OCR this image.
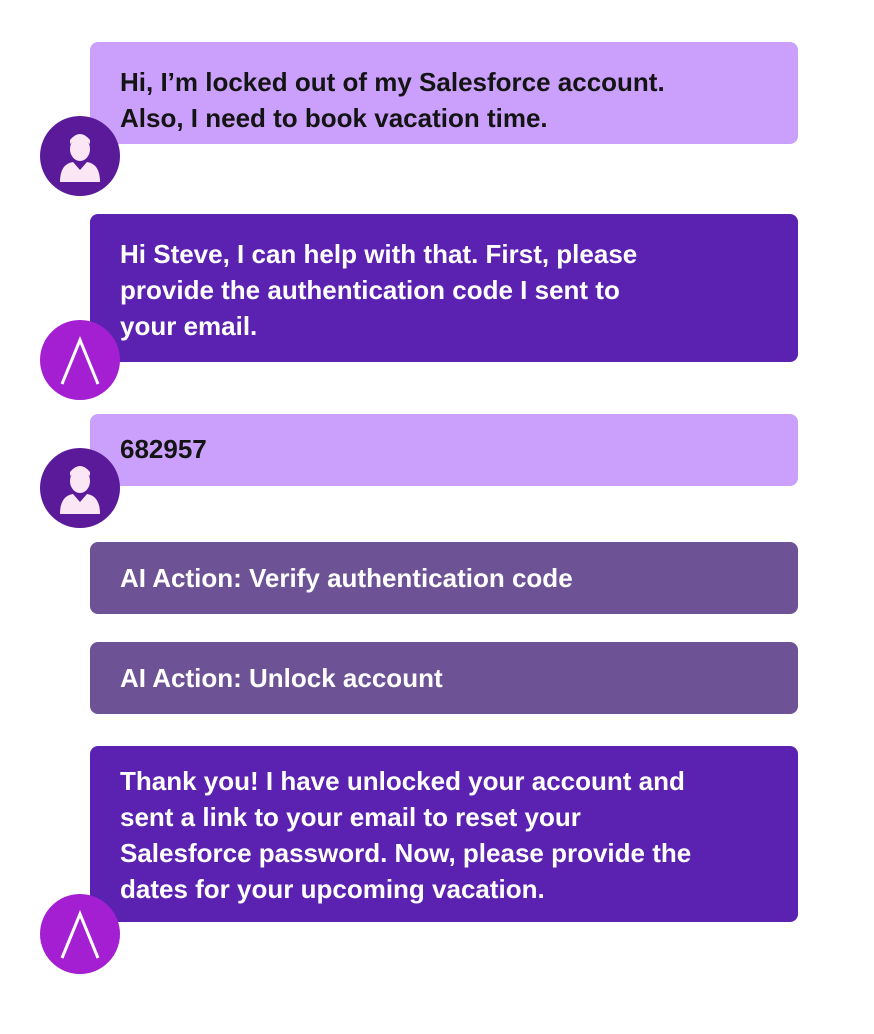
Hi, I’m locked out of my Salesforce account.
Also, I need to book vacation time.
Hi Steve, I can help with that. First, please
provide the authentication code I sent to
your email.
682957
AI Action: Verify authentication code
AI Action: Unlock account
Thank you! I have unlocked your account and
sent a link to your email to reset your
Salesforce password. Now, please provide the
dates for your upcoming vacation.
